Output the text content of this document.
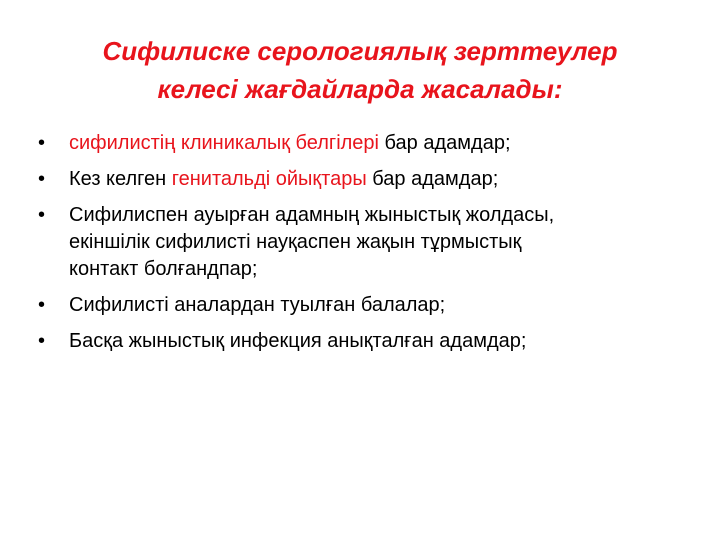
Сифилиске серологиялық зерттеулер
келесі жағдайларда жасалады:
• сифилистің клиникалық белгілері бар адамдар;
• Кез келген генитальді ойықтары бар адамдар;
• Сифилиспен ауырған адамның жыныстық жолдасы,
екіншілік сифилисті науқаспен жақын тұрмыстық
контакт болғандпар;
• Сифилисті аналардан туылған балалар;
• Басқа жыныстық инфекция анықталған адамдар;
